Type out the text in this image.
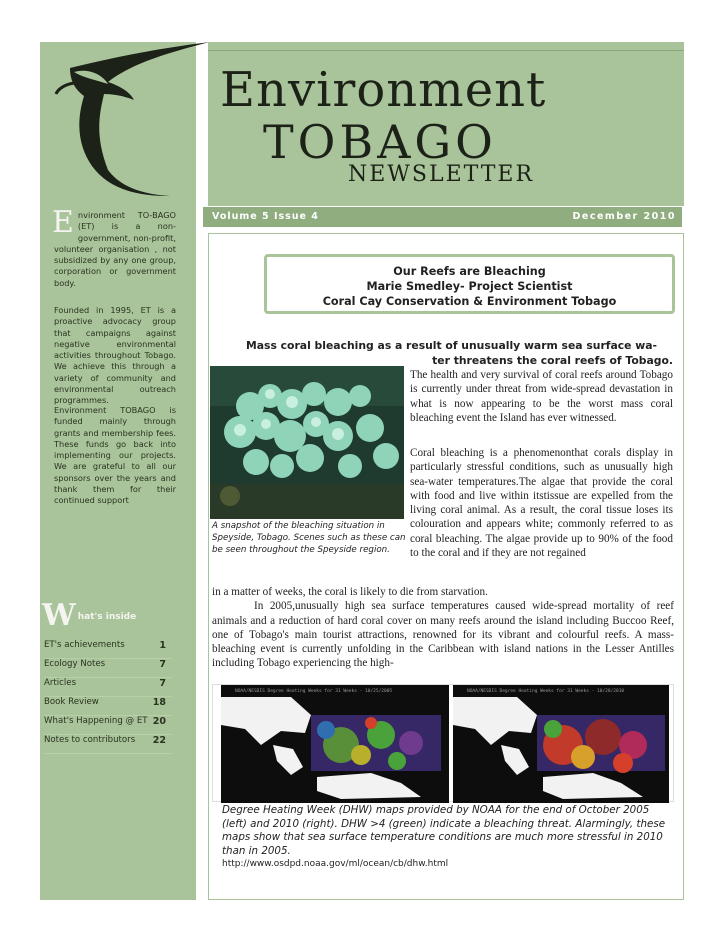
Environment TO-BAGO (ET) is a non-government, non-profit, volunteer organisation , not subsidized by any one group, corporation or government body.
Founded in 1995, ET is a proactive advocacy group that campaigns against negative environmental activities throughout Tobago. We achieve this through a variety of community and environmental outreach programmes.
Environment TOBAGO is funded mainly through grants and membership fees. These funds go back into implementing our projects. We are grateful to all our sponsors over the years and thank them for their continued support
What's inside
ET's achievements	1
Ecology Notes	7
Articles	7
Book Review	18
What's Happening @ ET 20
Notes to contributors 22
Environment
TOBAGO
NEWSLETTER
Volume 5 Issue 4	December 2010
Our Reefs are Bleaching
Marie Smedley- Project Scientist
Coral Cay Conservation & Environment Tobago
Mass coral bleaching as a result of unusually warm sea surface wa-
ter threatens the coral reefs of Tobago.
A snapshot of the bleaching situation in Speyside, Tobago. Scenes such as these can be seen throughout the Speyside region.
The health and very survival of coral reefs around Tobago is currently under threat from wide-spread devastation in what is now appearing to be the worst mass coral bleaching event the Island has ever witnessed.
Coral bleaching is a phenomenonthat corals display in particularly stressful conditions, such as unusually high sea-water temperatures.The algae that provide the coral with food and live within itstissue are expelled from the living coral animal. As a result, the coral tissue loses its colouration and appears white; commonly referred to as coral bleaching. The algae provide up to 90% of the food to the coral and if they are not regained
in a matter of weeks, the coral is likely to die from starvation.
In 2005,unusually high sea surface temperatures caused wide-spread mortality of reef animals and a reduction of hard coral cover on many reefs around the island including Buccoo Reef, one of Tobago's main tourist attractions, renowned for its vibrant and colourful reefs. A mass-bleaching event is currently unfolding in the Caribbean with island nations in the Lesser Antilles including Tobago experiencing the high-
NOAA/NESDIS Degree Heating Weeks for 31 Weeks - 10/25/2005	NOAA/NESDIS Degree Heating Weeks for 31 Weeks - 10/28/2010
Degree Heating Week (DHW) maps provided by NOAA for the end of October 2005 (left) and 2010 (right). DHW >4 (green) indicate a bleaching threat. Alarmingly, these maps show that sea surface temperature conditions are much more stressful in 2010 than in 2005.
http://www.osdpd.noaa.gov/ml/ocean/cb/dhw.html
